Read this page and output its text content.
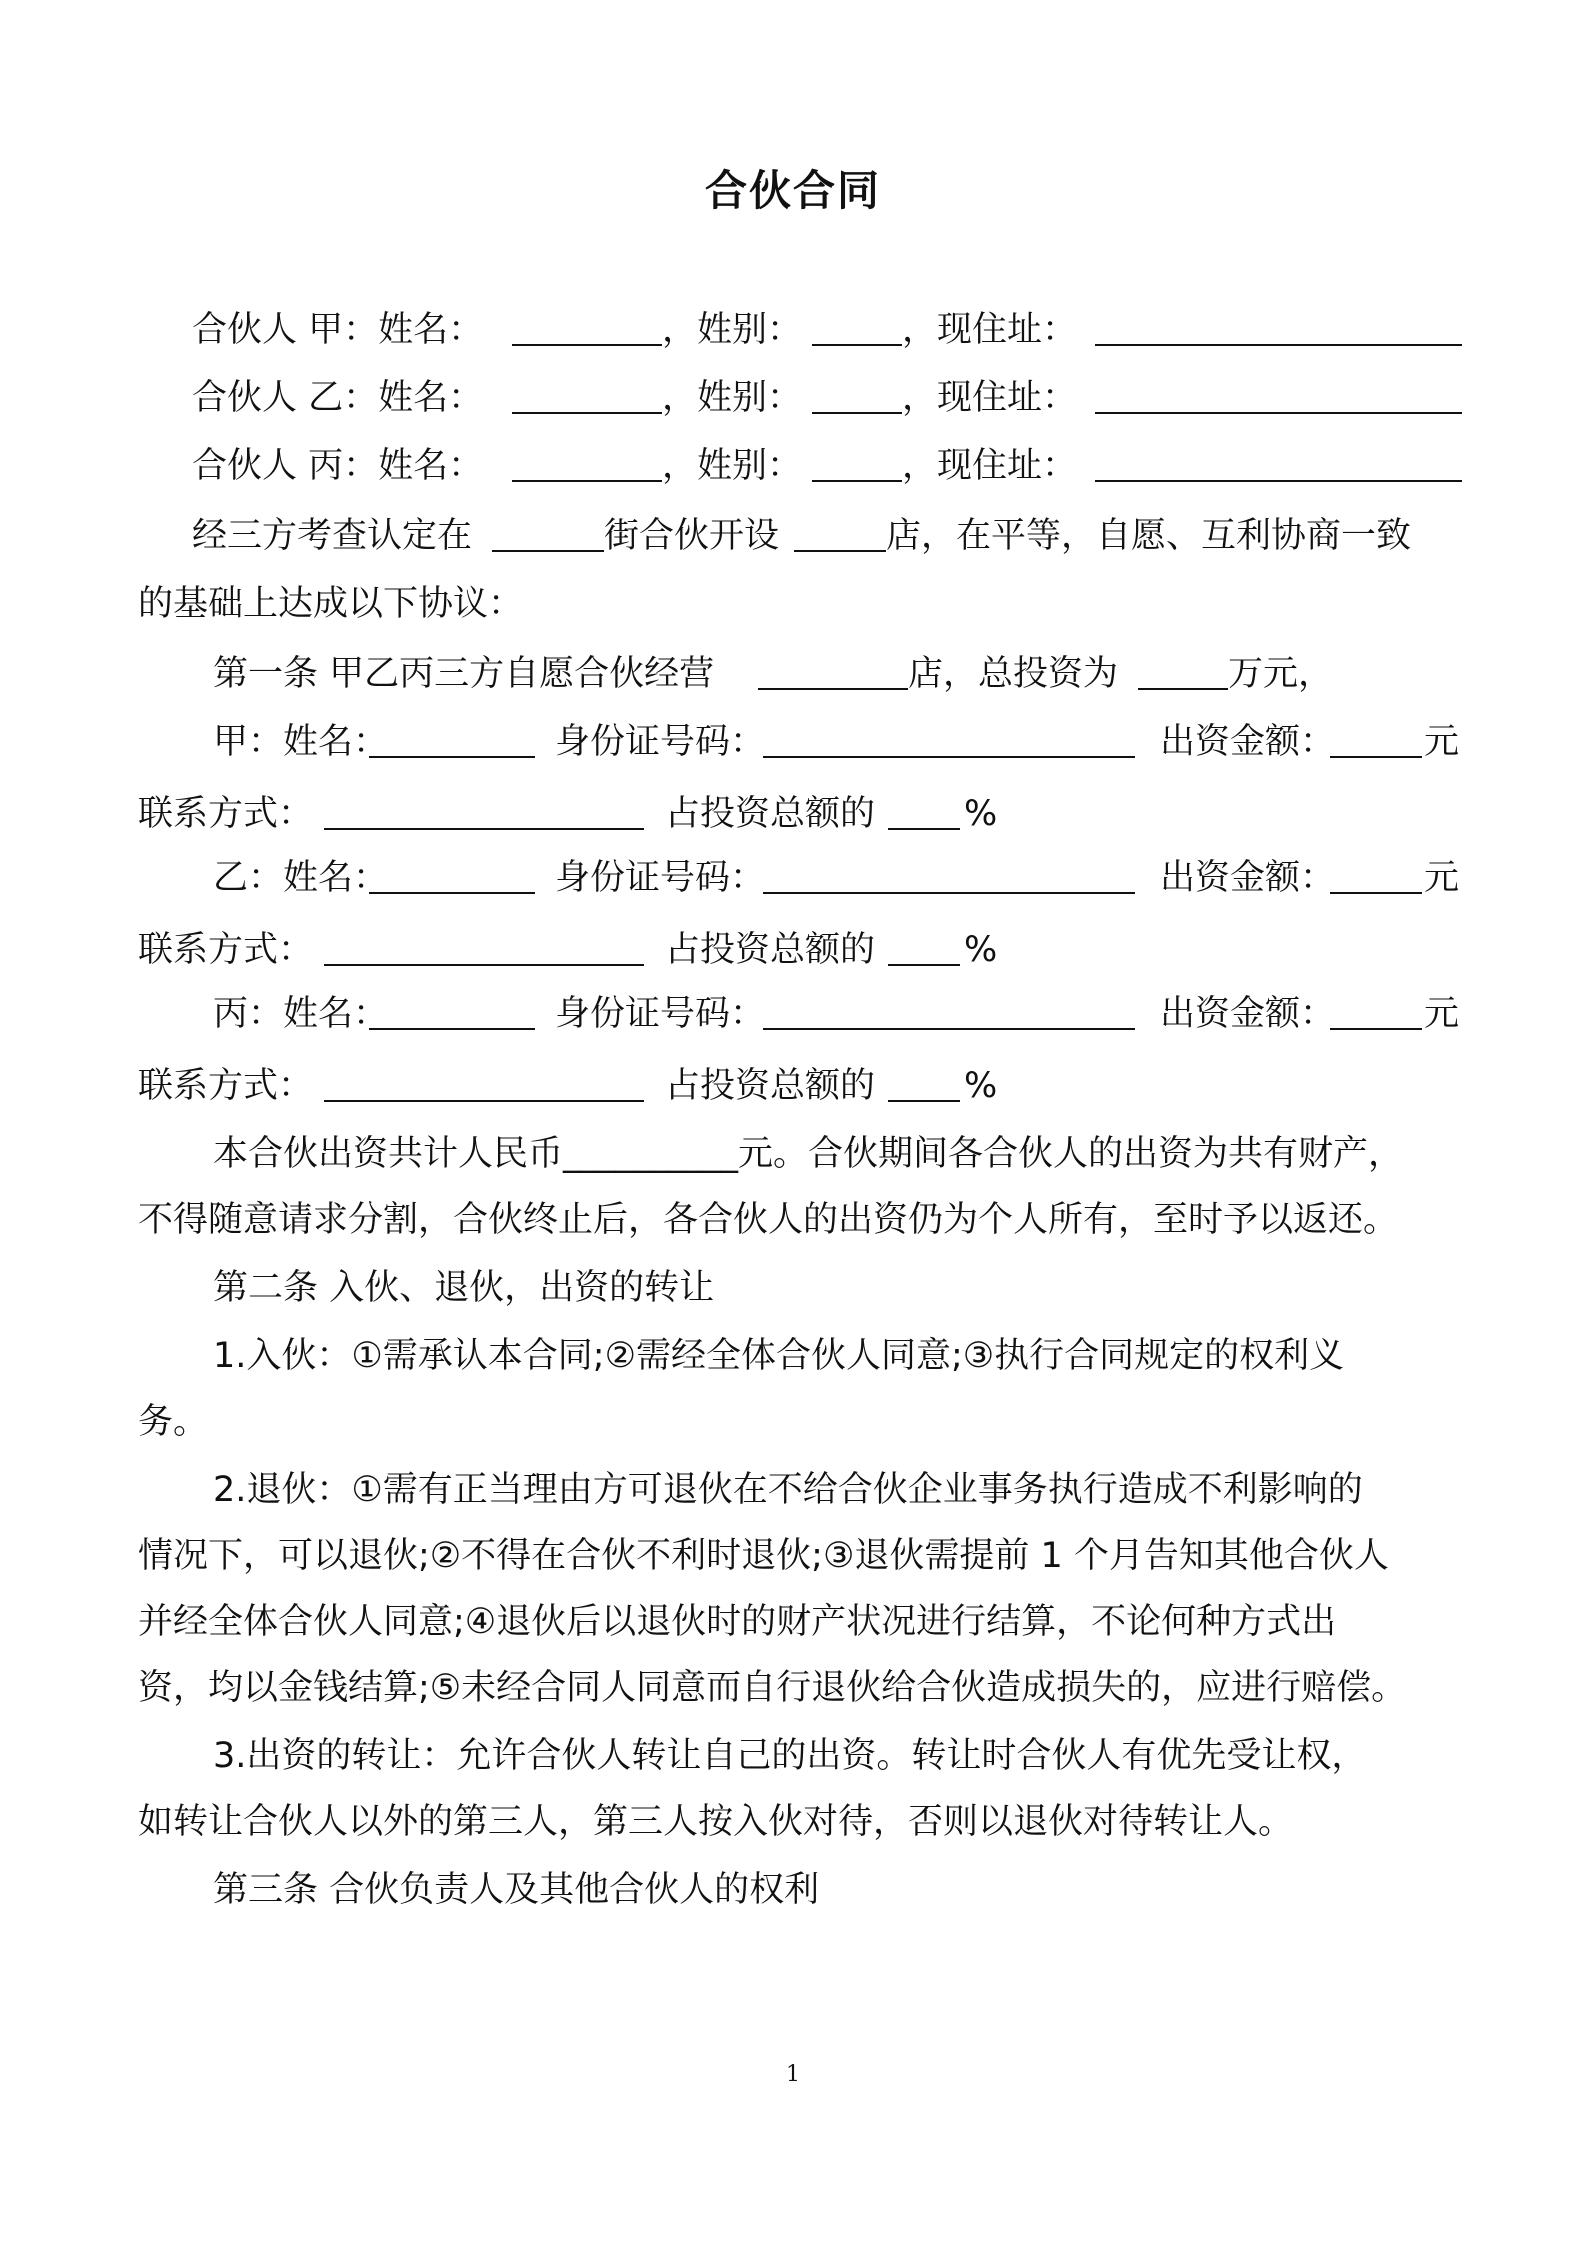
合伙合同
合伙人 甲：姓名：	，姓别：	，现住址：
合伙人 乙：姓名：	，姓别：	，现住址：
合伙人 丙：姓名：	，姓别：	，现住址：
经三方考查认定在	街合伙开设	店，在平等，自愿、互利协商一致
的基础上达成以下协议：
第一条 甲乙丙三方自愿合伙经营	店，总投资为	万元，
甲：姓名：	身份证号码：	出资金额：	元
联系方式：	占投资总额的	%
乙：姓名：	身份证号码：	出资金额：	元
联系方式：	占投资总额的	%
丙：姓名：	身份证号码：	出资金额：	元
联系方式：	占投资总额的	%
本合伙出资共计人民币__________元。合伙期间各合伙人的出资为共有财产，
不得随意请求分割，合伙终止后，各合伙人的出资仍为个人所有，至时予以返还。
第二条 入伙、退伙，出资的转让
1.入伙：①需承认本合同;②需经全体合伙人同意;③执行合同规定的权利义
务。
2.退伙：①需有正当理由方可退伙在不给合伙企业事务执行造成不利影响的
情况下，可以退伙;②不得在合伙不利时退伙;③退伙需提前 1 个月告知其他合伙人
并经全体合伙人同意;④退伙后以退伙时的财产状况进行结算，不论何种方式出
资，均以金钱结算;⑤未经合同人同意而自行退伙给合伙造成损失的，应进行赔偿。
3.出资的转让：允许合伙人转让自己的出资。转让时合伙人有优先受让权，
如转让合伙人以外的第三人，第三人按入伙对待，否则以退伙对待转让人。
第三条 合伙负责人及其他合伙人的权利
1
